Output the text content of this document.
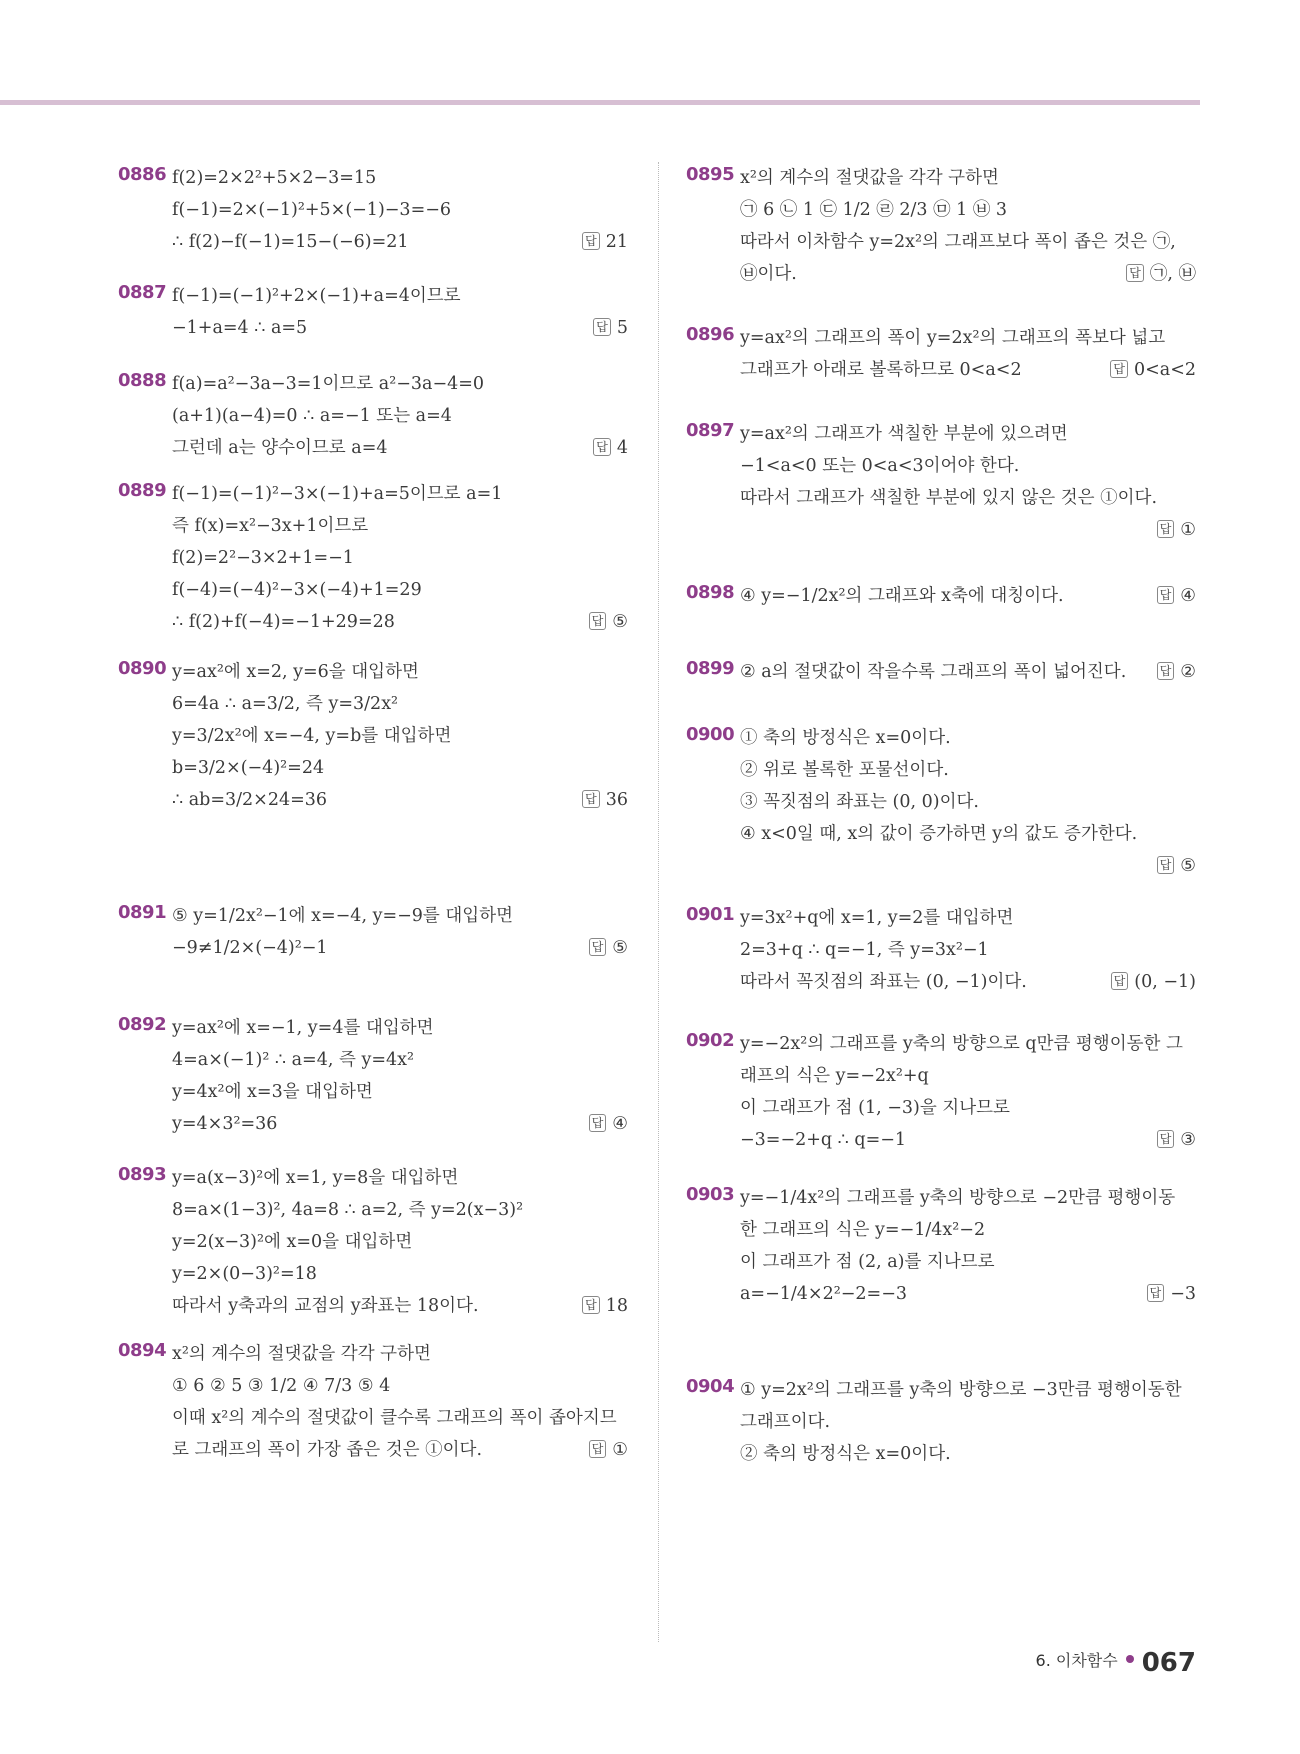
0886 f(2)=2×2²+5×2−3=15
f(−1)=2×(−1)²+5×(−1)−3=−6
∴ f(2)−f(−1)=15−(−6)=21	답 21
0887 f(−1)=(−1)²+2×(−1)+a=4이므로
−1+a=4 ∴ a=5	답 5
0888 f(a)=a²−3a−3=1이므로 a²−3a−4=0
(a+1)(a−4)=0 ∴ a=−1 또는 a=4
그런데 a는 양수이므로 a=4	답 4
0889 f(−1)=(−1)²−3×(−1)+a=5이므로 a=1
즉 f(x)=x²−3x+1이므로
f(2)=2²−3×2+1=−1
f(−4)=(−4)²−3×(−4)+1=29
∴ f(2)+f(−4)=−1+29=28	답 ⑤
0890 y=ax²에 x=2, y=6을 대입하면
6=4a ∴ a=3/2, 즉 y=3/2x²
y=3/2x²에 x=−4, y=b를 대입하면
b=3/2×(−4)²=24
∴ ab=3/2×24=36	답 36
0891 ⑤ y=1/2x²−1에 x=−4, y=−9를 대입하면
−9≠1/2×(−4)²−1	답 ⑤
0892 y=ax²에 x=−1, y=4를 대입하면
4=a×(−1)² ∴ a=4, 즉 y=4x²
y=4x²에 x=3을 대입하면
y=4×3²=36	답 ④
0893 y=a(x−3)²에 x=1, y=8을 대입하면
8=a×(1−3)², 4a=8 ∴ a=2, 즉 y=2(x−3)²
y=2(x−3)²에 x=0을 대입하면
y=2×(0−3)²=18
따라서 y축과의 교점의 y좌표는 18이다.	답 18
0894 x²의 계수의 절댓값을 각각 구하면
① 6 ② 5 ③ 1/2 ④ 7/3 ⑤ 4
이때 x²의 계수의 절댓값이 클수록 그래프의 폭이 좁아지므
로 그래프의 폭이 가장 좁은 것은 ①이다.	답 ①
0895 x²의 계수의 절댓값을 각각 구하면
㉠ 6 ㉡ 1 ㉢ 1/2 ㉣ 2/3 ㉤ 1 ㉥ 3
따라서 이차함수 y=2x²의 그래프보다 폭이 좁은 것은 ㉠,
㉥이다.	답 ㉠, ㉥
0896 y=ax²의 그래프의 폭이 y=2x²의 그래프의 폭보다 넓고
그래프가 아래로 볼록하므로 0<a<2	답 0<a<2
0897 y=ax²의 그래프가 색칠한 부분에 있으려면
−1<a<0 또는 0<a<3이어야 한다.
따라서 그래프가 색칠한 부분에 있지 않은 것은 ①이다.
답 ①
0898 ④ y=−1/2x²의 그래프와 x축에 대칭이다.	답 ④
0899 ② a의 절댓값이 작을수록 그래프의 폭이 넓어진다.	답 ②
0900 ① 축의 방정식은 x=0이다.
② 위로 볼록한 포물선이다.
③ 꼭짓점의 좌표는 (0, 0)이다.
④ x<0일 때, x의 값이 증가하면 y의 값도 증가한다.
답 ⑤
0901 y=3x²+q에 x=1, y=2를 대입하면
2=3+q ∴ q=−1, 즉 y=3x²−1
따라서 꼭짓점의 좌표는 (0, −1)이다.	답 (0, −1)
0902 y=−2x²의 그래프를 y축의 방향으로 q만큼 평행이동한 그
래프의 식은 y=−2x²+q
이 그래프가 점 (1, −3)을 지나므로
−3=−2+q ∴ q=−1	답 ③
0903 y=−1/4x²의 그래프를 y축의 방향으로 −2만큼 평행이동
한 그래프의 식은 y=−1/4x²−2
이 그래프가 점 (2, a)를 지나므로
a=−1/4×2²−2=−3	답 −3
0904 ① y=2x²의 그래프를 y축의 방향으로 −3만큼 평행이동한
그래프이다.
② 축의 방정식은 x=0이다.
6. 이차함수 067
